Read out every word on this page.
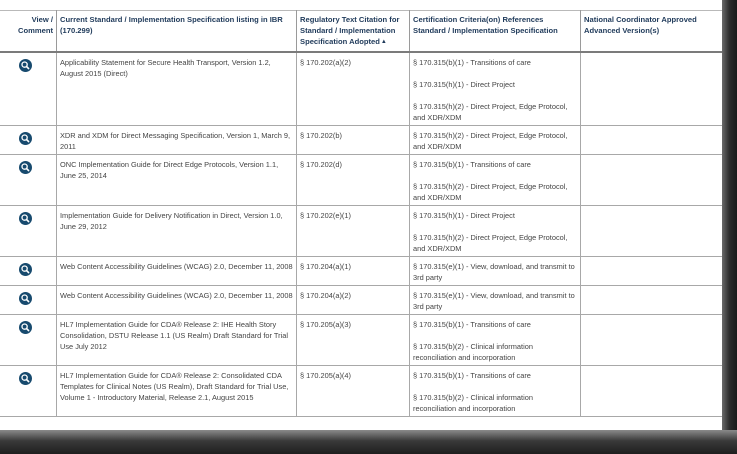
View / Comment	Current Standard / Implementation Specification listing in IBR (170.299)	Regulatory Text Citation for Standard / Implementation Specification Adopted▲	Certification Criteria(on) References Standard / Implementation Specification	National Coordinator Approved Advanced Version(s)

	Applicability Statement for Secure Health Transport, Version 1.2, August 2015 (Direct)	§ 170.202(a)(2)	§ 170.315(b)(1) - Transitions of care

§ 170.315(h)(1) - Direct Project

§ 170.315(h)(2) - Direct Project, Edge Protocol, and XDR/XDM	

	XDR and XDM for Direct Messaging Specification, Version 1, March 9, 2011	§ 170.202(b)	§ 170.315(h)(2) - Direct Project, Edge Protocol, and XDR/XDM	

	ONC Implementation Guide for Direct Edge Protocols, Version 1.1, June 25, 2014	§ 170.202(d)	§ 170.315(b)(1) - Transitions of care

§ 170.315(h)(2) - Direct Project, Edge Protocol, and XDR/XDM	

	Implementation Guide for Delivery Notification in Direct, Version 1.0, June 29, 2012	§ 170.202(e)(1)	§ 170.315(h)(1) - Direct Project

§ 170.315(h)(2) - Direct Project, Edge Protocol, and XDR/XDM	

	Web Content Accessibility Guidelines (WCAG) 2.0, December 11, 2008	§ 170.204(a)(1)	§ 170.315(e)(1) - View, download, and transmit to 3rd party	

	Web Content Accessibility Guidelines (WCAG) 2.0, December 11, 2008	§ 170.204(a)(2)	§ 170.315(e)(1) - View, download, and transmit to 3rd party	

	HL7 Implementation Guide for CDA® Release 2: IHE Health Story Consolidation, DSTU Release 1.1 (US Realm) Draft Standard for Trial Use July 2012	§ 170.205(a)(3)	§ 170.315(b)(1) - Transitions of care

§ 170.315(b)(2) - Clinical information reconciliation and incorporation	

	HL7 Implementation Guide for CDA® Release 2: Consolidated CDA Templates for Clinical Notes (US Realm), Draft Standard for Trial Use, Volume 1 - Introductory Material, Release 2.1, August 2015	§ 170.205(a)(4)	§ 170.315(b)(1) - Transitions of care

§ 170.315(b)(2) - Clinical information reconciliation and incorporation	
